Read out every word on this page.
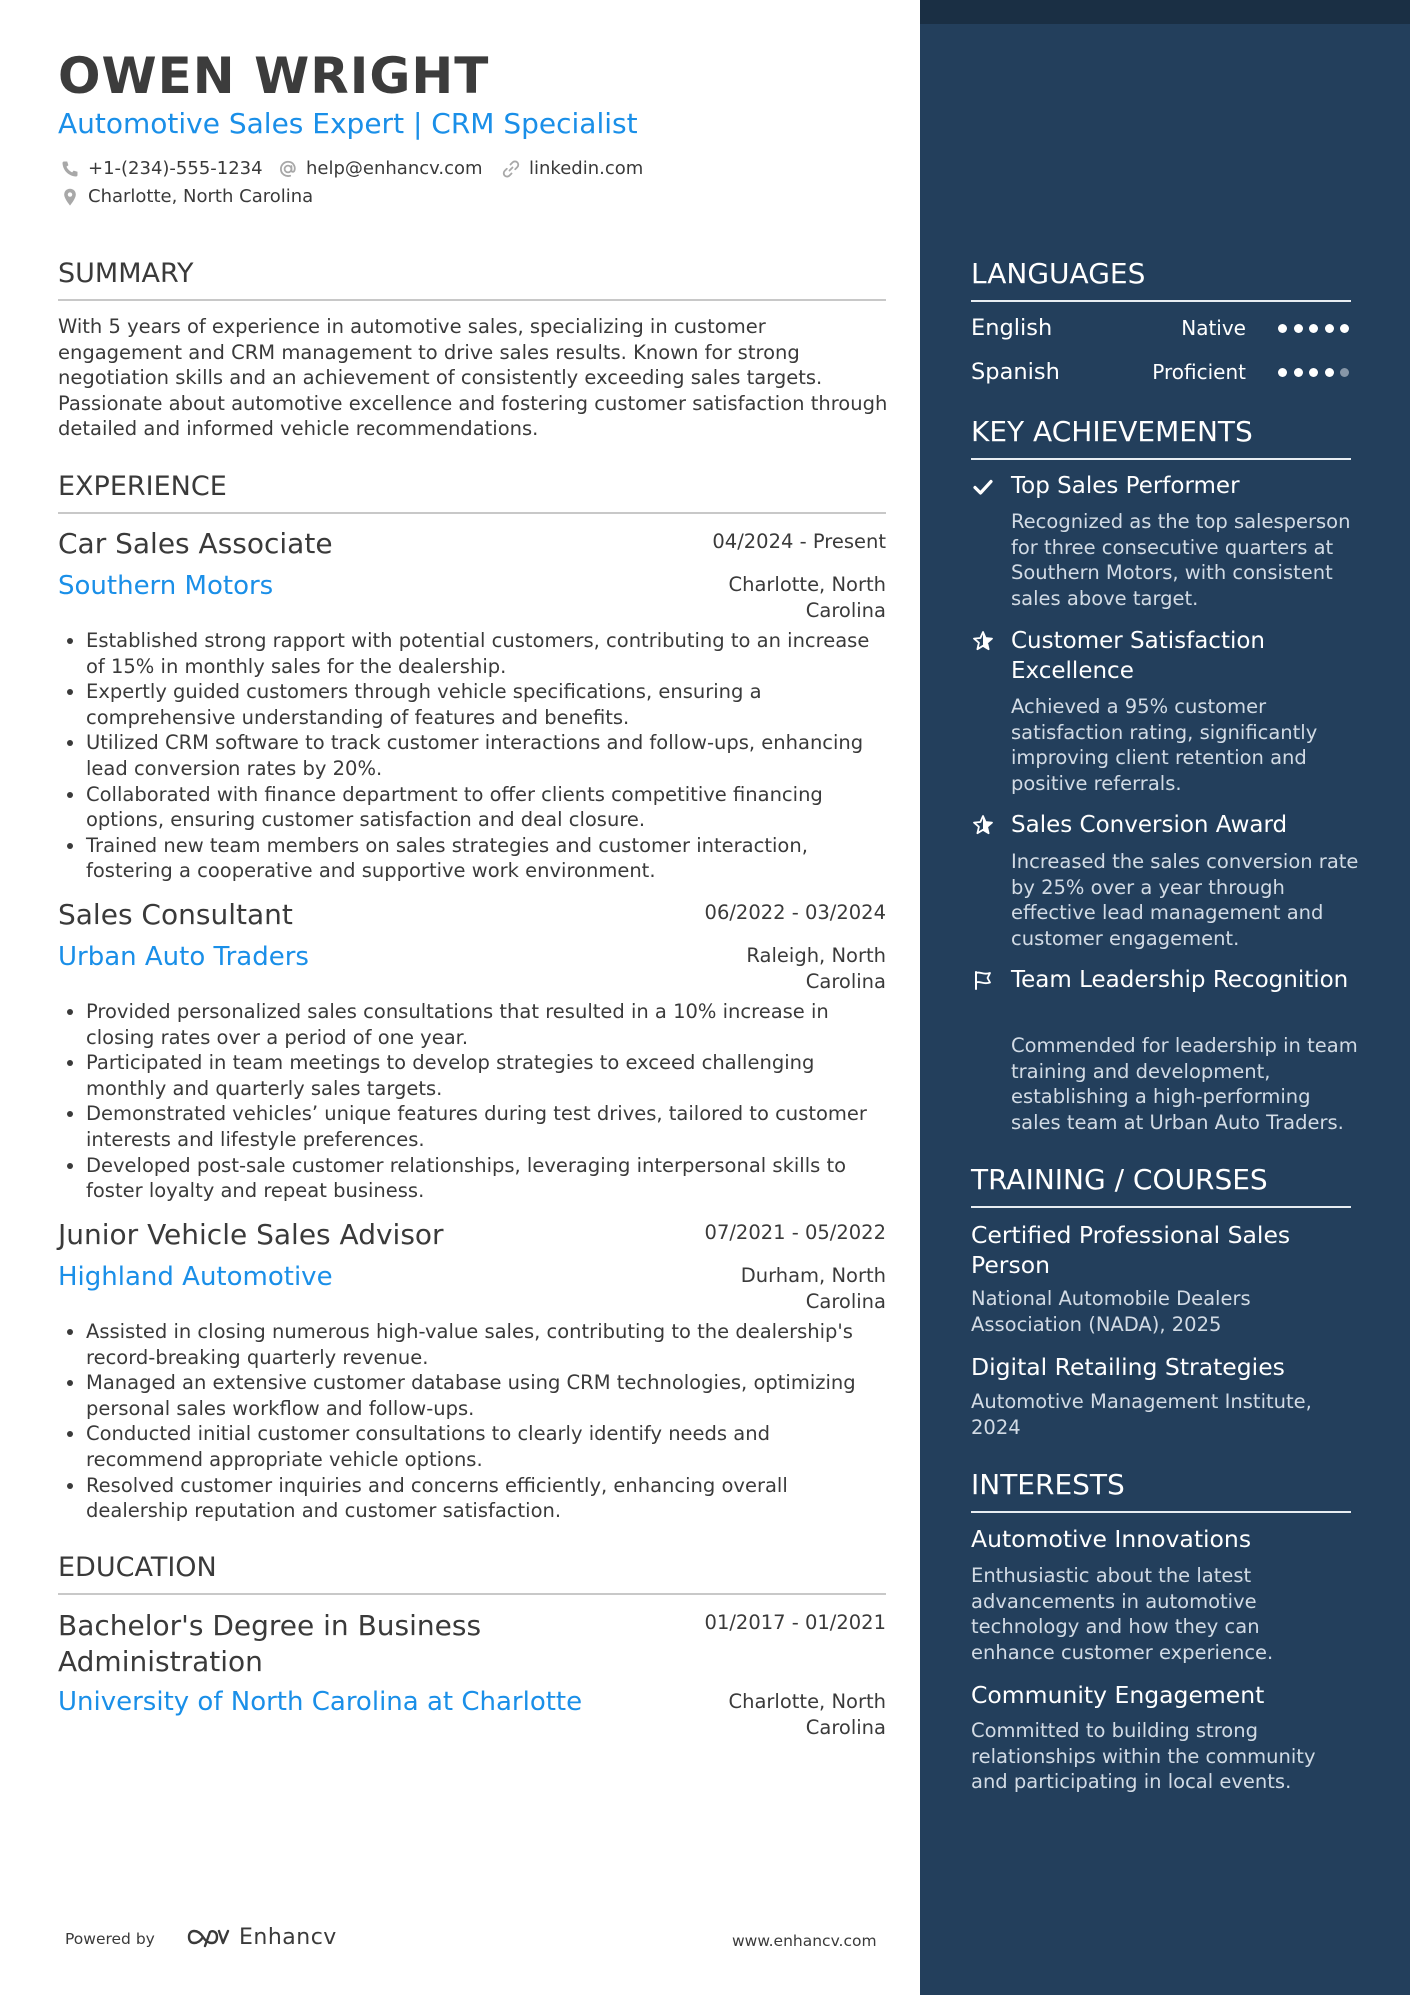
OWEN WRIGHT
Automotive Sales Expert | CRM Specialist
+1-(234)-555-1234 help@enhancv.com	linkedin.com
Charlotte, North Carolina
SUMMARY
With 5 years of experience in automotive sales, specializing in customer engagement and CRM management to drive sales results. Known for strong negotiation skills and an achievement of consistently exceeding sales targets. Passionate about automotive excellence and fostering customer satisfaction through detailed and informed vehicle recommendations.
EXPERIENCE
Car Sales Associate	04/2024 - Present
Southern Motors	Charlotte, North Carolina
Established strong rapport with potential customers, contributing to an increase of 15% in monthly sales for the dealership.
Expertly guided customers through vehicle specifications, ensuring a comprehensive understanding of features and benefits.
Utilized CRM software to track customer interactions and follow-ups, enhancing lead conversion rates by 20%.
Collaborated with finance department to offer clients competitive financing options, ensuring customer satisfaction and deal closure.
Trained new team members on sales strategies and customer interaction, fostering a cooperative and supportive work environment.
Sales Consultant	06/2022 - 03/2024
Urban Auto Traders	Raleigh, North Carolina
Provided personalized sales consultations that resulted in a 10% increase in closing rates over a period of one year.
Participated in team meetings to develop strategies to exceed challenging monthly and quarterly sales targets.
Demonstrated vehicles’ unique features during test drives, tailored to customer interests and lifestyle preferences.
Developed post-sale customer relationships, leveraging interpersonal skills to foster loyalty and repeat business.
Junior Vehicle Sales Advisor	07/2021 - 05/2022
Highland Automotive	Durham, North Carolina
Assisted in closing numerous high-value sales, contributing to the dealership's record-breaking quarterly revenue.
Managed an extensive customer database using CRM technologies, optimizing personal sales workflow and follow-ups.
Conducted initial customer consultations to clearly identify needs and recommend appropriate vehicle options.
Resolved customer inquiries and concerns efficiently, enhancing overall dealership reputation and customer satisfaction.
EDUCATION
Bachelor's Degree in Business Administration
01/2017 - 01/2021
University of North Carolina at Charlotte	Charlotte, North Carolina
Powered by	Enhancv	www.enhancv.com
LANGUAGES
English	Native
Spanish	Proficient
KEY ACHIEVEMENTS
Top Sales Performer
Recognized as the top salesperson for three consecutive quarters at Southern Motors, with consistent sales above target.
Customer Satisfaction Excellence
Achieved a 95% customer satisfaction rating, significantly improving client retention and positive referrals.
Sales Conversion Award
Increased the sales conversion rate by 25% over a year through effective lead management and customer engagement.
Team Leadership Recognition
Commended for leadership in team training and development, establishing a high-performing sales team at Urban Auto Traders.
TRAINING / COURSES
Certified Professional Sales Person
National Automobile Dealers Association (NADA), 2025
Digital Retailing Strategies
Automotive Management Institute, 2024
INTERESTS
Automotive Innovations
Enthusiastic about the latest advancements in automotive technology and how they can enhance customer experience.
Community Engagement
Committed to building strong relationships within the community and participating in local events.
